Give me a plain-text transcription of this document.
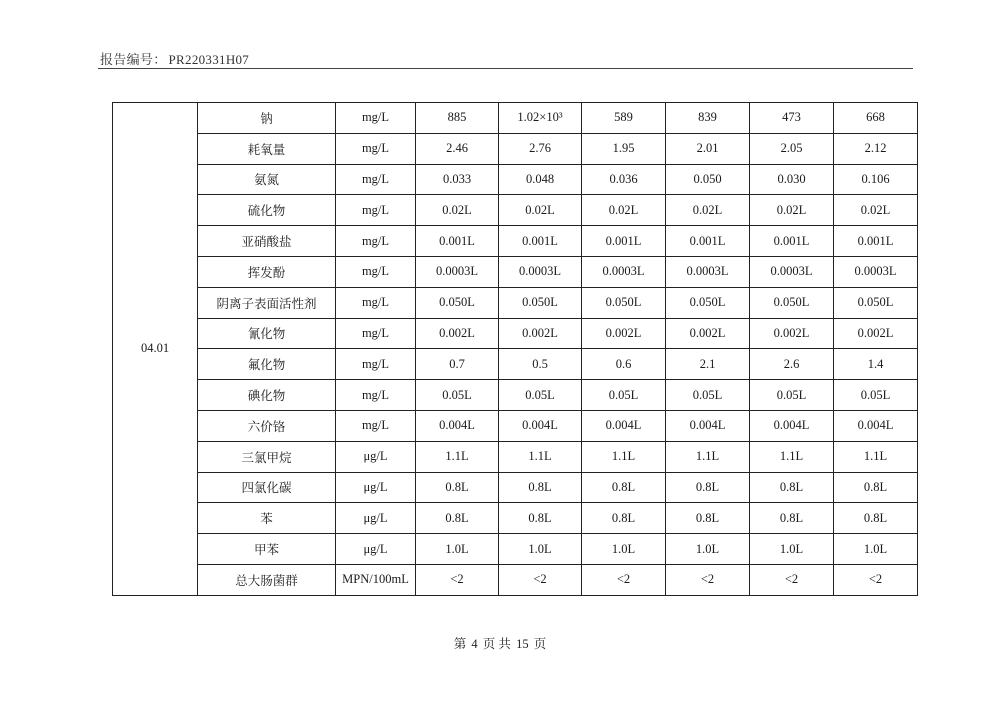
报告编号： PR220331H07
04.01	钠	mg/L	885	1.02×10³	589	839	473	668
	耗氧量	mg/L	2.46	2.76	1.95	2.01	2.05	2.12
	氨氮	mg/L	0.033	0.048	0.036	0.050	0.030	0.106
	硫化物	mg/L	0.02L	0.02L	0.02L	0.02L	0.02L	0.02L
	亚硝酸盐	mg/L	0.001L	0.001L	0.001L	0.001L	0.001L	0.001L
	挥发酚	mg/L	0.0003L	0.0003L	0.0003L	0.0003L	0.0003L	0.0003L
	阴离子表面活性剂	mg/L	0.050L	0.050L	0.050L	0.050L	0.050L	0.050L
	氰化物	mg/L	0.002L	0.002L	0.002L	0.002L	0.002L	0.002L
	氟化物	mg/L	0.7	0.5	0.6	2.1	2.6	1.4
	碘化物	mg/L	0.05L	0.05L	0.05L	0.05L	0.05L	0.05L
	六价铬	mg/L	0.004L	0.004L	0.004L	0.004L	0.004L	0.004L
	三氯甲烷	μg/L	1.1L	1.1L	1.1L	1.1L	1.1L	1.1L
	四氯化碳	μg/L	0.8L	0.8L	0.8L	0.8L	0.8L	0.8L
	苯	μg/L	0.8L	0.8L	0.8L	0.8L	0.8L	0.8L
	甲苯	μg/L	1.0L	1.0L	1.0L	1.0L	1.0L	1.0L
	总大肠菌群	MPN/100mL	<2	<2	<2	<2	<2	<2
第 4 页 共 15 页
